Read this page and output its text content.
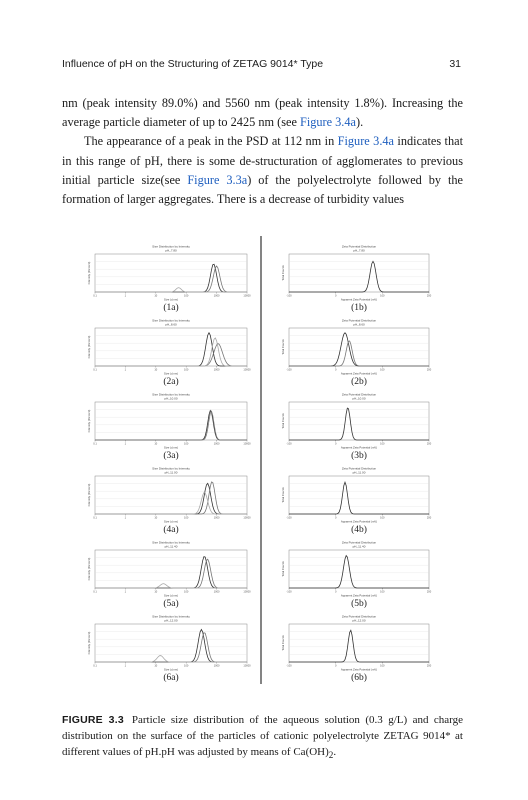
Influence of pH on the Structuring of ZETAG 9014* Type	31

nm (peak intensity 89.0%) and 5560 nm (peak intensity 1.8%). Increasing the average particle diameter of up to 2425 nm (see Figure 3.4a).

The appearance of a peak in the PSD at 112 nm in Figure 3.4a indicates that in this range of pH, there is some de-structuration of agglomerates to previous initial particle size(see Figure 3.3a) of the polyelectrolyte followed by the formation of larger aggregates. There is a decrease of turbidity values

Size Distribution by Intensity
pH_7.80
0.1	1	10	100	1000	10000
Size (d.nm)
Intensity (Percent)
(1a)
Size Distribution by Intensity
pH_8.60
0.1	1	10	100	1000	10000
Size (d.nm)
Intensity (Percent)
(2a)
Size Distribution by Intensity
pH_10.00
0.1	1	10	100	1000	10000
Size (d.nm)
Intensity (Percent)
(3a)
Size Distribution by Intensity
pH_11.00
0.1	1	10	100	1000	10000
Size (d.nm)
Intensity (Percent)
(4a)
Size Distribution by Intensity
pH_11.40
0.1	1	10	100	1000	10000
Size (d.nm)
Intensity (Percent)
(5a)
Size Distribution by Intensity
pH_12.00
0.1	1	10	100	1000	10000
Size (d.nm)
Intensity (Percent)
(6a)
Zeta Potential Distribution
pH_7.80
-100	0	100	200
Apparent Zeta Potential (mV)
Total Counts
(1b)
Zeta Potential Distribution
pH_8.60
-100	0	100	200
Apparent Zeta Potential (mV)
Total Counts
(2b)
Zeta Potential Distribution
pH_10.00
-100	0	100	200
Apparent Zeta Potential (mV)
Total Counts
(3b)
Zeta Potential Distribution
pH_11.00
-100	0	100	200
Apparent Zeta Potential (mV)
Total Counts
(4b)
Zeta Potential Distribution
pH_11.40
-100	0	100	200
Apparent Zeta Potential (mV)
Total Counts
(5b)
Zeta Potential Distribution
pH_12.00
-100	0	100	200
Apparent Zeta Potential (mV)
Total Counts
(6b)
FIGURE 3.3 Particle size distribution of the aqueous solution (0.3 g/L) and charge distribution on the surface of the particles of cationic polyelectrolyte ZETAG 9014* at different values of pH.pH was adjusted by means of $Ca(OH)_2$.
